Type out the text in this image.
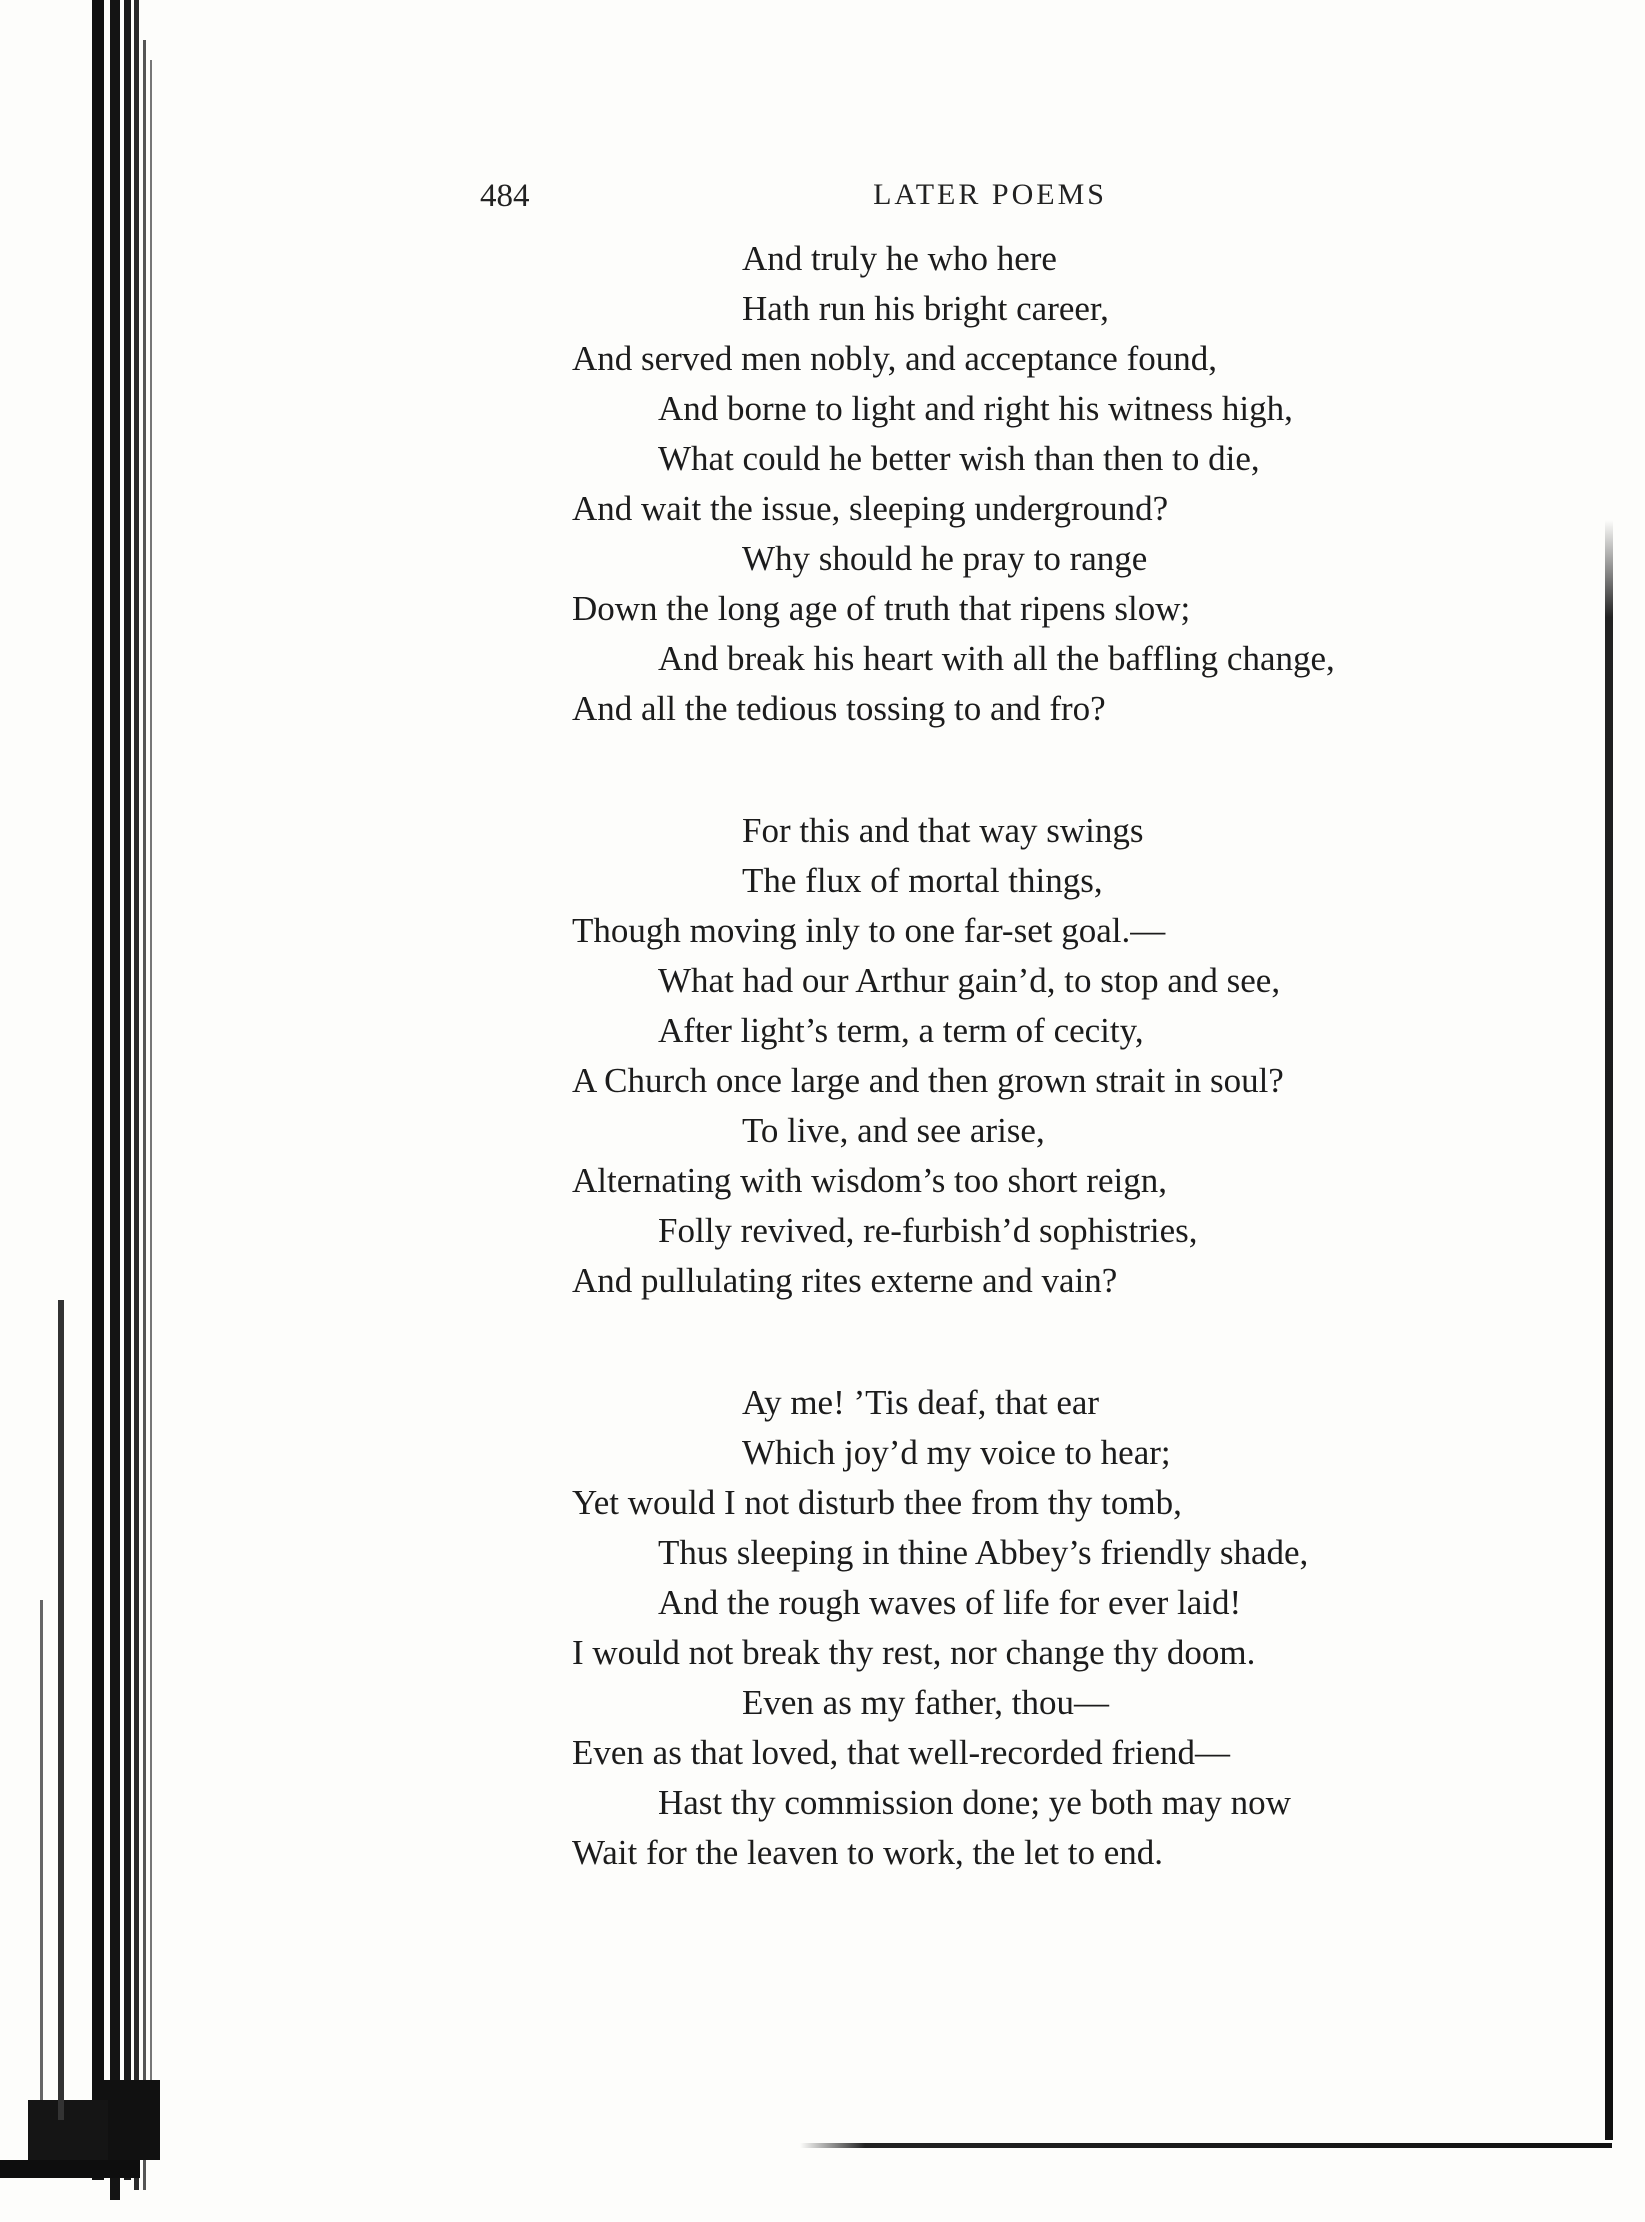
484	LATER POEMS
And truly he who here
Hath run his bright career,
And served men nobly, and acceptance found,
And borne to light and right his witness high,
What could he better wish than then to die,
And wait the issue, sleeping underground?
Why should he pray to range
Down the long age of truth that ripens slow;
And break his heart with all the baffling change,
And all the tedious tossing to and fro?
For this and that way swings
The flux of mortal things,
Though moving inly to one far-set goal.—
What had our Arthur gain’d, to stop and see,
After light’s term, a term of cecity,
A Church once large and then grown strait in soul?
To live, and see arise,
Alternating with wisdom’s too short reign,
Folly revived, re-furbish’d sophistries,
And pullulating rites externe and vain?
Ay me! ’Tis deaf, that ear
Which joy’d my voice to hear;
Yet would I not disturb thee from thy tomb,
Thus sleeping in thine Abbey’s friendly shade,
And the rough waves of life for ever laid!
I would not break thy rest, nor change thy doom.
Even as my father, thou—
Even as that loved, that well-recorded friend—
Hast thy commission done; ye both may now
Wait for the leaven to work, the let to end.
